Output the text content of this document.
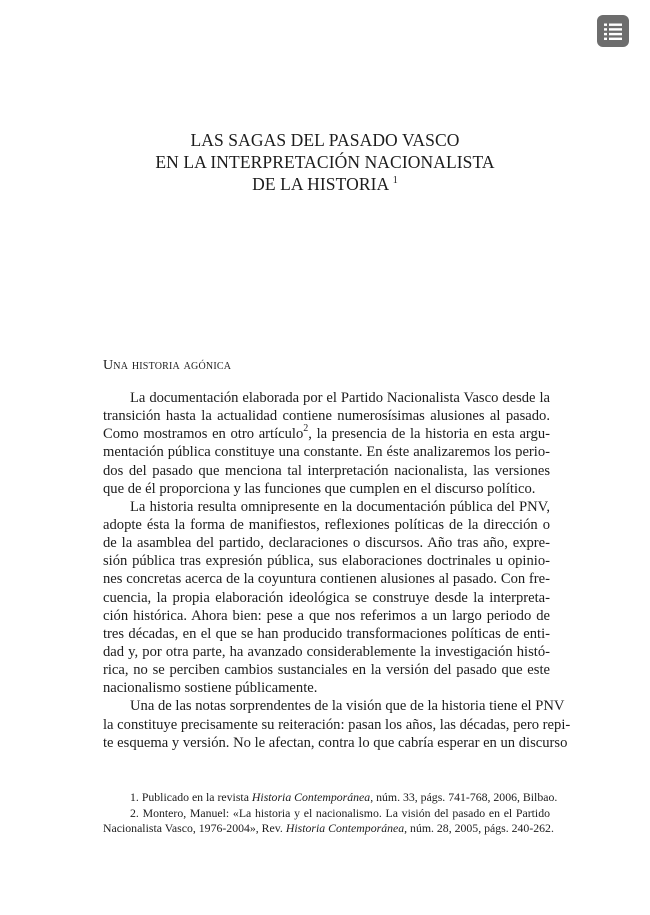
LAS SAGAS DEL PASADO VASCO
EN LA INTERPRETACIÓN NACIONALISTA
DE LA HISTORIA $^1$
Una historia agónica
La documentación elaborada por el Partido Nacionalista Vasco desde la
transición hasta la actualidad contiene numerosísimas alusiones al pasado.
Como mostramos en otro artículo$^2$, la presencia de la historia en esta argu-
mentación pública constituye una constante. En éste analizaremos los perio-
dos del pasado que menciona tal interpretación nacionalista, las versiones
que de él proporciona y las funciones que cumplen en el discurso político.
La historia resulta omnipresente en la documentación pública del PNV,
adopte ésta la forma de manifiestos, reflexiones políticas de la dirección o
de la asamblea del partido, declaraciones o discursos. Año tras año, expre-
sión pública tras expresión pública, sus elaboraciones doctrinales u opinio-
nes concretas acerca de la coyuntura contienen alusiones al pasado. Con fre-
cuencia, la propia elaboración ideológica se construye desde la interpreta-
ción histórica. Ahora bien: pese a que nos referimos a un largo periodo de
tres décadas, en el que se han producido transformaciones políticas de enti-
dad y, por otra parte, ha avanzado considerablemente la investigación histó-
rica, no se perciben cambios sustanciales en la versión del pasado que este
nacionalismo sostiene públicamente.
Una de las notas sorprendentes de la visión que de la historia tiene el PNV
la constituye precisamente su reiteración: pasan los años, las décadas, pero repi-
te esquema y versión. No le afectan, contra lo que cabría esperar en un discurso
1. Publicado en la revista Historia Contemporánea, núm. 33, págs. 741-768, 2006, Bilbao.
2. Montero, Manuel: «La historia y el nacionalismo. La visión del pasado en el Partido
Nacionalista Vasco, 1976-2004», Rev. Historia Contemporánea, núm. 28, 2005, págs. 240-262.
